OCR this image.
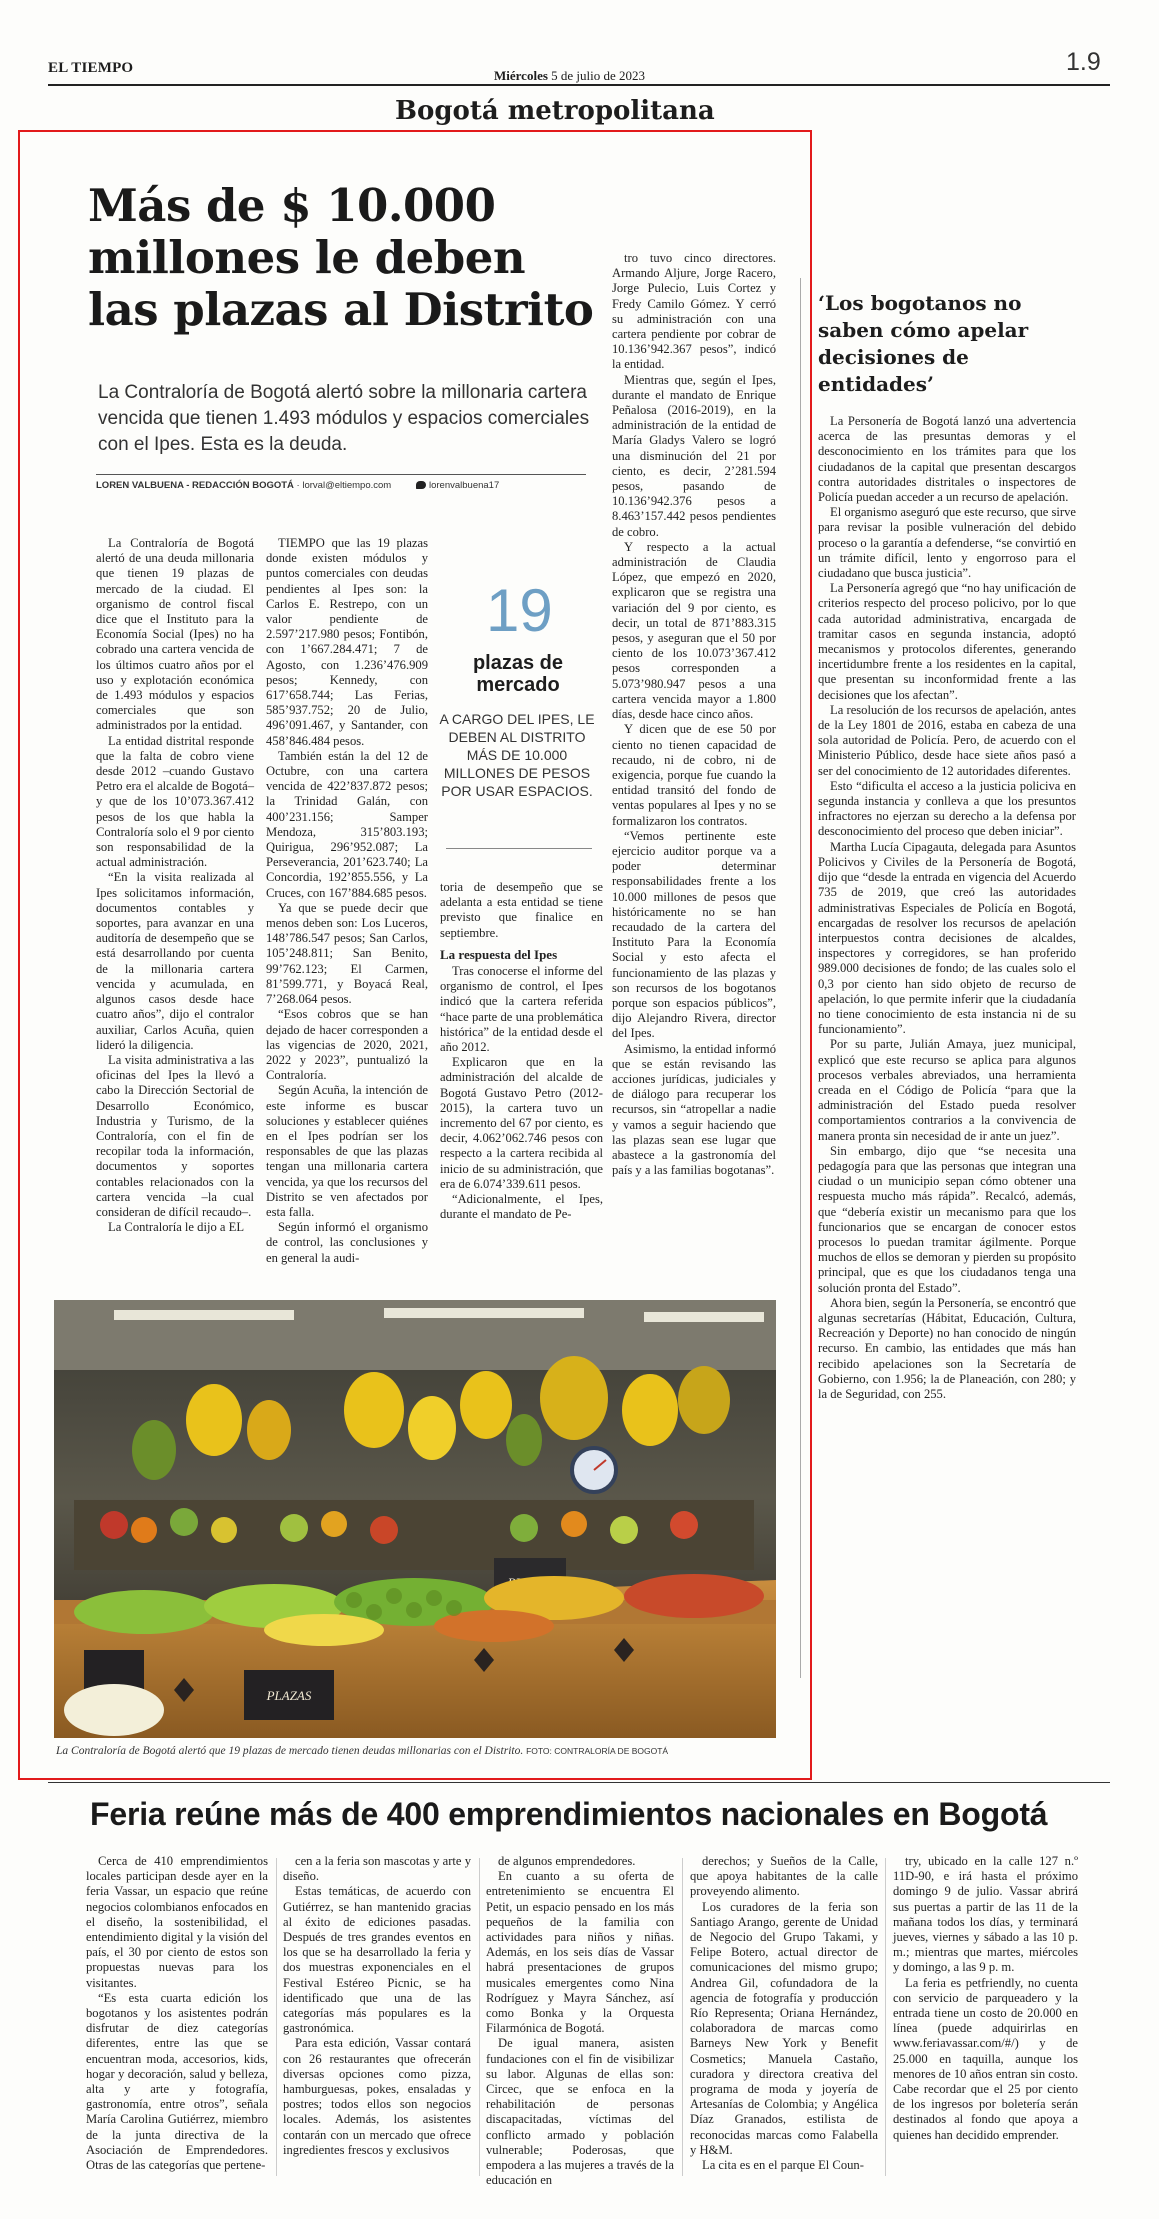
EL TIEMPO	Miércoles 5 de julio de 2023	1.9
Bogotá metropolitana
Más de $ 10.000 millones le deben las plazas al Distrito

La Contraloría de Bogotá alertó sobre la millonaria cartera vencida que tienen 1.493 módulos y espacios comerciales con el Ipes. Esta es la deuda.

LOREN VALBUENA - REDACCIÓN BOGOTÁ · lorval@eltiempo.com	lorenvalbuena17

La Contraloría de Bogotá alertó de una deuda millonaria que tienen 19 plazas de mercado de la ciudad. El organismo de control fiscal dice que el Instituto para la Economía Social (Ipes) no ha cobrado una cartera vencida de los últimos cuatro años por el uso y explotación económica de 1.493 módulos y espacios comerciales que son administrados por la entidad.

La entidad distrital responde que la falta de cobro viene desde 2012 –cuando Gustavo Petro era el alcalde de Bogotá– y que de los 10’073.367.412 pesos de los que habla la Contraloría solo el 9 por ciento son responsabilidad de la actual administración.

“En la visita realizada al Ipes solicitamos información, documentos contables y soportes, para avanzar en una auditoría de desempeño que se está desarrollando por cuenta de la millonaria cartera vencida y acumulada, en algunos casos desde hace cuatro años”, dijo el contralor auxiliar, Carlos Acuña, quien lideró la diligencia.

La visita administrativa a las oficinas del Ipes la llevó a cabo la Dirección Sectorial de Desarrollo Económico, Industria y Turismo, de la Contraloría, con el fin de recopilar toda la información, documentos y soportes contables relacionados con la cartera vencida –la cual consideran de difícil recaudo–.

La Contraloría le dijo a EL

TIEMPO que las 19 plazas donde existen módulos y puntos comerciales con deudas pendientes al Ipes son: la Carlos E. Restrepo, con un valor pendiente de 2.597’217.980 pesos; Fontibón, con 1’667.284.471; 7 de Agosto, con 1.236’476.909 pesos; Kennedy, con 617’658.744; Las Ferias, 585’937.752; 20 de Julio, 496’091.467, y Santander, con 458’846.484 pesos.

También están la del 12 de Octubre, con una cartera vencida de 422’837.872 pesos; la Trinidad Galán, con 400’231.156; Samper Mendoza, 315’803.193; Quirigua, 296’952.087; La Perseverancia, 201’623.740; La Concordia, 192’855.556, y La Cruces, con 167’884.685 pesos.

Ya que se puede decir que menos deben son: Los Luceros, 148’786.547 pesos; San Carlos, 105’248.811; San Benito, 99’762.123; El Carmen, 81’599.771, y Boyacá Real, 7’268.064 pesos.

“Esos cobros que se han dejado de hacer corresponden a las vigencias de 2020, 2021, 2022 y 2023”, puntualizó la Contraloría.

Según Acuña, la intención de este informe es buscar soluciones y establecer quiénes en el Ipes podrían ser los responsables de que las plazas tengan una millonaria cartera vencida, ya que los recursos del Distrito se ven afectados por esta falla.

Según informó el organismo de control, las conclusiones y en general la audi-

19
plazas de mercado
A CARGO DEL IPES, LE DEBEN AL DISTRITO MÁS DE 10.000 MILLONES DE PESOS POR USAR ESPACIOS.

toria de desempeño que se adelanta a esta entidad se tiene previsto que finalice en septiembre.

La respuesta del Ipes

Tras conocerse el informe del organismo de control, el Ipes indicó que la cartera referida “hace parte de una problemática histórica” de la entidad desde el año 2012.

Explicaron que en la administración del alcalde de Bogotá Gustavo Petro (2012-2015), la cartera tuvo un incremento del 67 por ciento, es decir, 4.062’062.746 pesos con respecto a la cartera recibida al inicio de su administración, que era de 6.074’339.611 pesos.

“Adicionalmente, el Ipes, durante el mandato de Pe-

tro tuvo cinco directores. Armando Aljure, Jorge Racero, Jorge Pulecio, Luis Cortez y Fredy Camilo Gómez. Y cerró su administración con una cartera pendiente por cobrar de 10.136’942.367 pesos”, indicó la entidad.

Mientras que, según el Ipes, durante el mandato de Enrique Peñalosa (2016-2019), en la administración de la entidad de María Gladys Valero se logró una disminución del 21 por ciento, es decir, 2’281.594 pesos, pasando de 10.136’942.376 pesos a 8.463’157.442 pesos pendientes de cobro.

Y respecto a la actual administración de Claudia López, que empezó en 2020, explicaron que se registra una variación del 9 por ciento, es decir, un total de 871’883.315 pesos, y aseguran que el 50 por ciento de los 10.073’367.412 pesos corresponden a 5.073’980.947 pesos a una cartera vencida mayor a 1.800 días, desde hace cinco años.

Y dicen que de ese 50 por ciento no tienen capacidad de recaudo, ni de cobro, ni de exigencia, porque fue cuando la entidad transitó del fondo de ventas populares al Ipes y no se formalizaron los contratos.

“Vemos pertinente este ejercicio auditor porque va a poder determinar responsabilidades frente a los 10.000 millones de pesos que históricamente no se han recaudado de la cartera del Instituto Para la Economía Social y esto afecta el funcionamiento de las plazas y son recursos de los bogotanos porque son espacios públicos”, dijo Alejandro Rivera, director del Ipes.

Asimismo, la entidad informó que se están revisando las acciones jurídicas, judiciales y de diálogo para recuperar los recursos, sin “atropellar a nadie y vamos a seguir haciendo que las plazas sean ese lugar que abastece a la gastronomía del país y a las familias bogotanas”.

PLAZAS
La Contraloría de Bogotá alertó que 19 plazas de mercado tienen deudas millonarias con el Distrito. FOTO: CONTRALORÍA DE BOGOTÁ
‘Los bogotanos no saben cómo apelar decisiones de entidades’

La Personería de Bogotá lanzó una advertencia acerca de las presuntas demoras y el desconocimiento en los trámites para que los ciudadanos de la capital que presentan descargos contra autoridades distritales o inspectores de Policía puedan acceder a un recurso de apelación.

El organismo aseguró que este recurso, que sirve para revisar la posible vulneración del debido proceso o la garantía a defenderse, “se convirtió en un trámite difícil, lento y engorroso para el ciudadano que busca justicia”.

La Personería agregó que “no hay unificación de criterios respecto del proceso policivo, por lo que cada autoridad administrativa, encargada de tramitar casos en segunda instancia, adoptó mecanismos y protocolos diferentes, generando incertidumbre frente a los residentes en la capital, que presentan su inconformidad frente a las decisiones que los afectan”.

La resolución de los recursos de apelación, antes de la Ley 1801 de 2016, estaba en cabeza de una sola autoridad de Policía. Pero, de acuerdo con el Ministerio Público, desde hace siete años pasó a ser del conocimiento de 12 autoridades diferentes.

Esto “dificulta el acceso a la justicia policiva en segunda instancia y conlleva a que los presuntos infractores no ejerzan su derecho a la defensa por desconocimiento del proceso que deben iniciar”.

Martha Lucía Cipagauta, delegada para Asuntos Policivos y Civiles de la Personería de Bogotá, dijo que “desde la entrada en vigencia del Acuerdo 735 de 2019, que creó las autoridades administrativas Especiales de Policía en Bogotá, encargadas de resolver los recursos de apelación interpuestos contra decisiones de alcaldes, inspectores y corregidores, se han proferido 989.000 decisiones de fondo; de las cuales solo el 0,3 por ciento han sido objeto de recurso de apelación, lo que permite inferir que la ciudadanía no tiene conocimiento de esta instancia ni de su funcionamiento”.

Por su parte, Julián Amaya, juez municipal, explicó que este recurso se aplica para algunos procesos verbales abreviados, una herramienta creada en el Código de Policía “para que la administración del Estado pueda resolver comportamientos contrarios a la convivencia de manera pronta sin necesidad de ir ante un juez”.

Sin embargo, dijo que “se necesita una pedagogía para que las personas que integran una ciudad o un municipio sepan cómo obtener una respuesta mucho más rápida”. Recalcó, además, que “debería existir un mecanismo para que los funcionarios que se encargan de conocer estos procesos lo puedan tramitar ágilmente. Porque muchos de ellos se demoran y pierden su propósito principal, que es que los ciudadanos tenga una solución pronta del Estado”.

Ahora bien, según la Personería, se encontró que algunas secretarías (Hábitat, Educación, Cultura, Recreación y Deporte) no han conocido de ningún recurso. En cambio, las entidades que más han recibido apelaciones son la Secretaría de Gobierno, con 1.956; la de Planeación, con 280; y la de Seguridad, con 255.

Feria reúne más de 400 emprendimientos nacionales en Bogotá

Cerca de 410 emprendimientos locales participan desde ayer en la feria Vassar, un espacio que reúne negocios colombianos enfocados en el diseño, la sostenibilidad, el entendimiento digital y la visión del país, el 30 por ciento de estos son propuestas nuevas para los visitantes.

“Es esta cuarta edición los bogotanos y los asistentes podrán disfrutar de diez categorías diferentes, entre las que se encuentran moda, accesorios, kids, hogar y decoración, salud y belleza, alta y arte y fotografía, gastronomía, entre otros”, señala María Carolina Gutiérrez, miembro de la junta directiva de la Asociación de Emprendedores. Otras de las categorías que pertene-

cen a la feria son mascotas y arte y diseño.

Estas temáticas, de acuerdo con Gutiérrez, se han mantenido gracias al éxito de ediciones pasadas. Después de tres grandes eventos en los que se ha desarrollado la feria y dos muestras exponenciales en el Festival Estéreo Picnic, se ha identificado que una de las categorías más populares es la gastronómica.

Para esta edición, Vassar contará con 26 restaurantes que ofrecerán diversas opciones como pizza, hamburguesas, pokes, ensaladas y postres; todos ellos son negocios locales. Además, los asistentes contarán con un mercado que ofrece ingredientes frescos y exclusivos

de algunos emprendedores.

En cuanto a su oferta de entretenimiento se encuentra El Petit, un espacio pensado en los más pequeños de la familia con actividades para niños y niñas. Además, en los seis días de Vassar habrá presentaciones de grupos musicales emergentes como Nina Rodríguez y Mayra Sánchez, así como Bonka y la Orquesta Filarmónica de Bogotá.

De igual manera, asisten fundaciones con el fin de visibilizar su labor. Algunas de ellas son: Circec, que se enfoca en la rehabilitación de personas discapacitadas, víctimas del conflicto armado y población vulnerable; Poderosas, que empodera a las mujeres a través de la educación en

derechos; y Sueños de la Calle, que apoya habitantes de la calle proveyendo alimento.

Los curadores de la feria son Santiago Arango, gerente de Unidad de Negocio del Grupo Takami, y Felipe Botero, actual director de comunicaciones del mismo grupo; Andrea Gil, cofundadora de la agencia de fotografía y producción Río Representa; Oriana Hernández, colaboradora de marcas como Barneys New York y Benefit Cosmetics; Manuela Castaño, curadora y directora creativa del programa de moda y joyería de Artesanías de Colombia; y Angélica Díaz Granados, estilista de reconocidas marcas como Falabella y H&M.

La cita es en el parque El Coun-

try, ubicado en la calle 127 n.º 11D-90, e irá hasta el próximo domingo 9 de julio. Vassar abrirá sus puertas a partir de las 11 de la mañana todos los días, y terminará jueves, viernes y sábado a las 10 p. m.; mientras que martes, miércoles y domingo, a las 9 p. m.

La feria es petfriendly, no cuenta con servicio de parqueadero y la entrada tiene un costo de 20.000 en línea (puede adquirirlas en www.feriavassar.com/#/) y de 25.000 en taquilla, aunque los menores de 10 años entran sin costo. Cabe recordar que el 25 por ciento de los ingresos por boletería serán destinados al fondo que apoya a quienes han decidido emprender.
